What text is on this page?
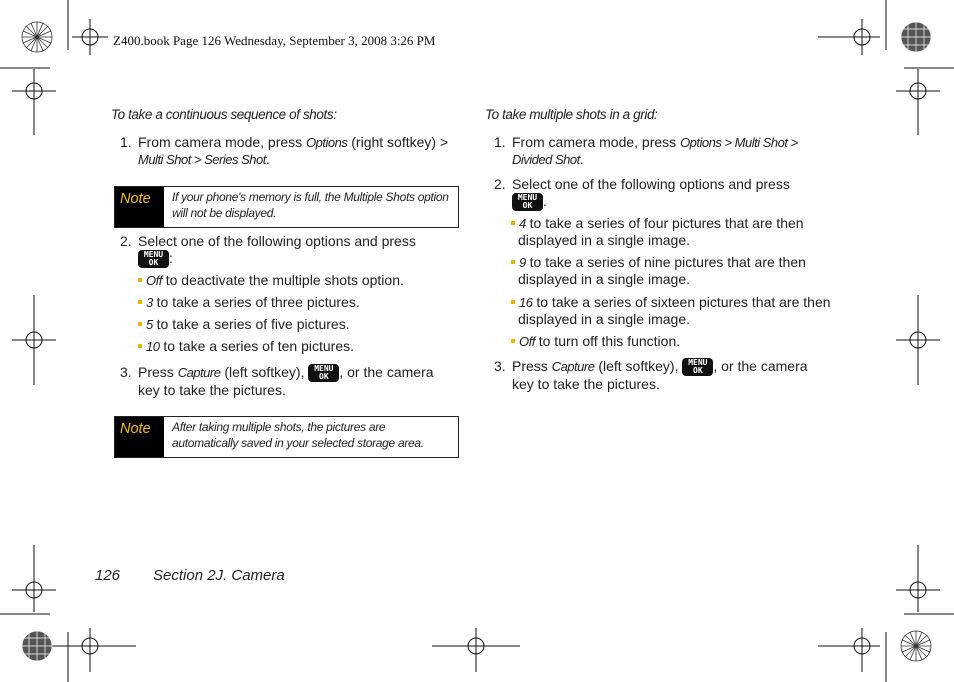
Z400.book Page 126 Wednesday, September 3, 2008 3:26 PM
To take a continuous sequence of shots:
1. From camera mode, press Options (right softkey) >
Multi Shot > Series Shot.
Note	If your phone's memory is full, the Multiple Shots option will not be displayed.
2. Select one of the following options and press

MENU
OK :
Off to deactivate the multiple shots option.
3 to take a series of three pictures.
5 to take a series of five pictures.
10 to take a series of ten pictures.
3. Press Capture (left softkey), MENU
OK , or the camera
key to take the pictures.
Note	After taking multiple shots, the pictures are automatically saved in your selected storage area.
To take multiple shots in a grid:
1. From camera mode, press Options > Multi Shot >
Divided Shot.
2. Select one of the following options and press

MENU
OK .
4 to take a series of four pictures that are then
displayed in a single image.
9 to take a series of nine pictures that are then
displayed in a single image.
16 to take a series of sixteen pictures that are then
displayed in a single image.
Off to turn off this function.
3. Press Capture (left softkey), MENU
OK , or the camera
key to take the pictures.
126 Section 2J. Camera
